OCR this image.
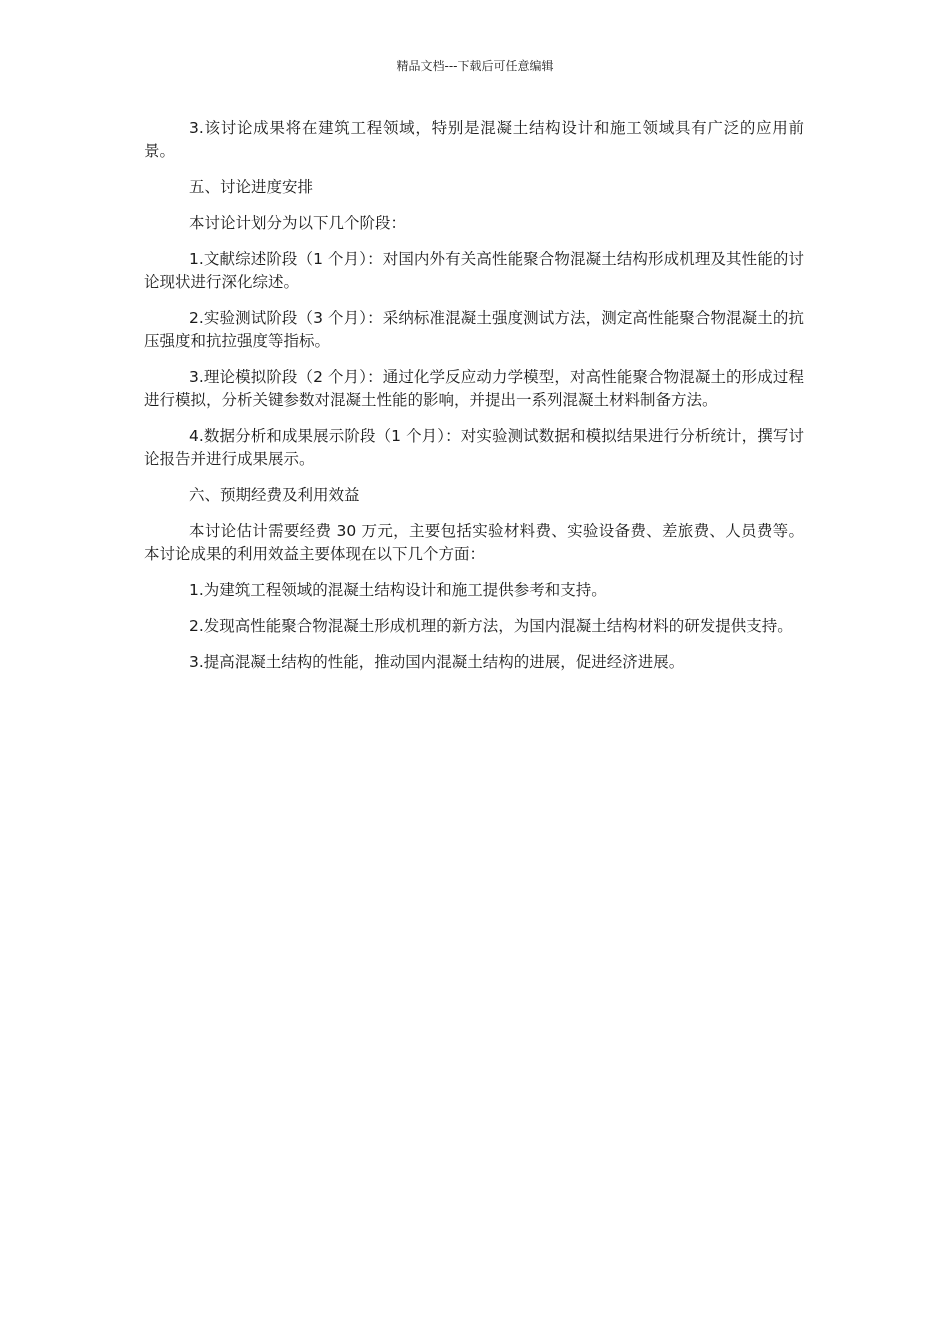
精品文档---下载后可任意编辑

3.该讨论成果将在建筑工程领域，特别是混凝土结构设计和施工领域具有广泛的应用前景。

五、讨论进度安排

本讨论计划分为以下几个阶段：

1.文献综述阶段（1 个月）：对国内外有关高性能聚合物混凝土结构形成机理及其性能的讨论现状进行深化综述。

2.实验测试阶段（3 个月）：采纳标准混凝土强度测试方法，测定高性能聚合物混凝土的抗压强度和抗拉强度等指标。

3.理论模拟阶段（2 个月）：通过化学反应动力学模型，对高性能聚合物混凝土的形成过程进行模拟，分析关键参数对混凝土性能的影响，并提出一系列混凝土材料制备方法。

4.数据分析和成果展示阶段（1 个月）：对实验测试数据和模拟结果进行分析统计，撰写讨论报告并进行成果展示。

六、预期经费及利用效益

本讨论估计需要经费 30 万元，主要包括实验材料费、实验设备费、差旅费、人员费等。本讨论成果的利用效益主要体现在以下几个方面：

1.为建筑工程领域的混凝土结构设计和施工提供参考和支持。

2.发现高性能聚合物混凝土形成机理的新方法，为国内混凝土结构材料的研发提供支持。

3.提高混凝土结构的性能，推动国内混凝土结构的进展，促进经济进展。
